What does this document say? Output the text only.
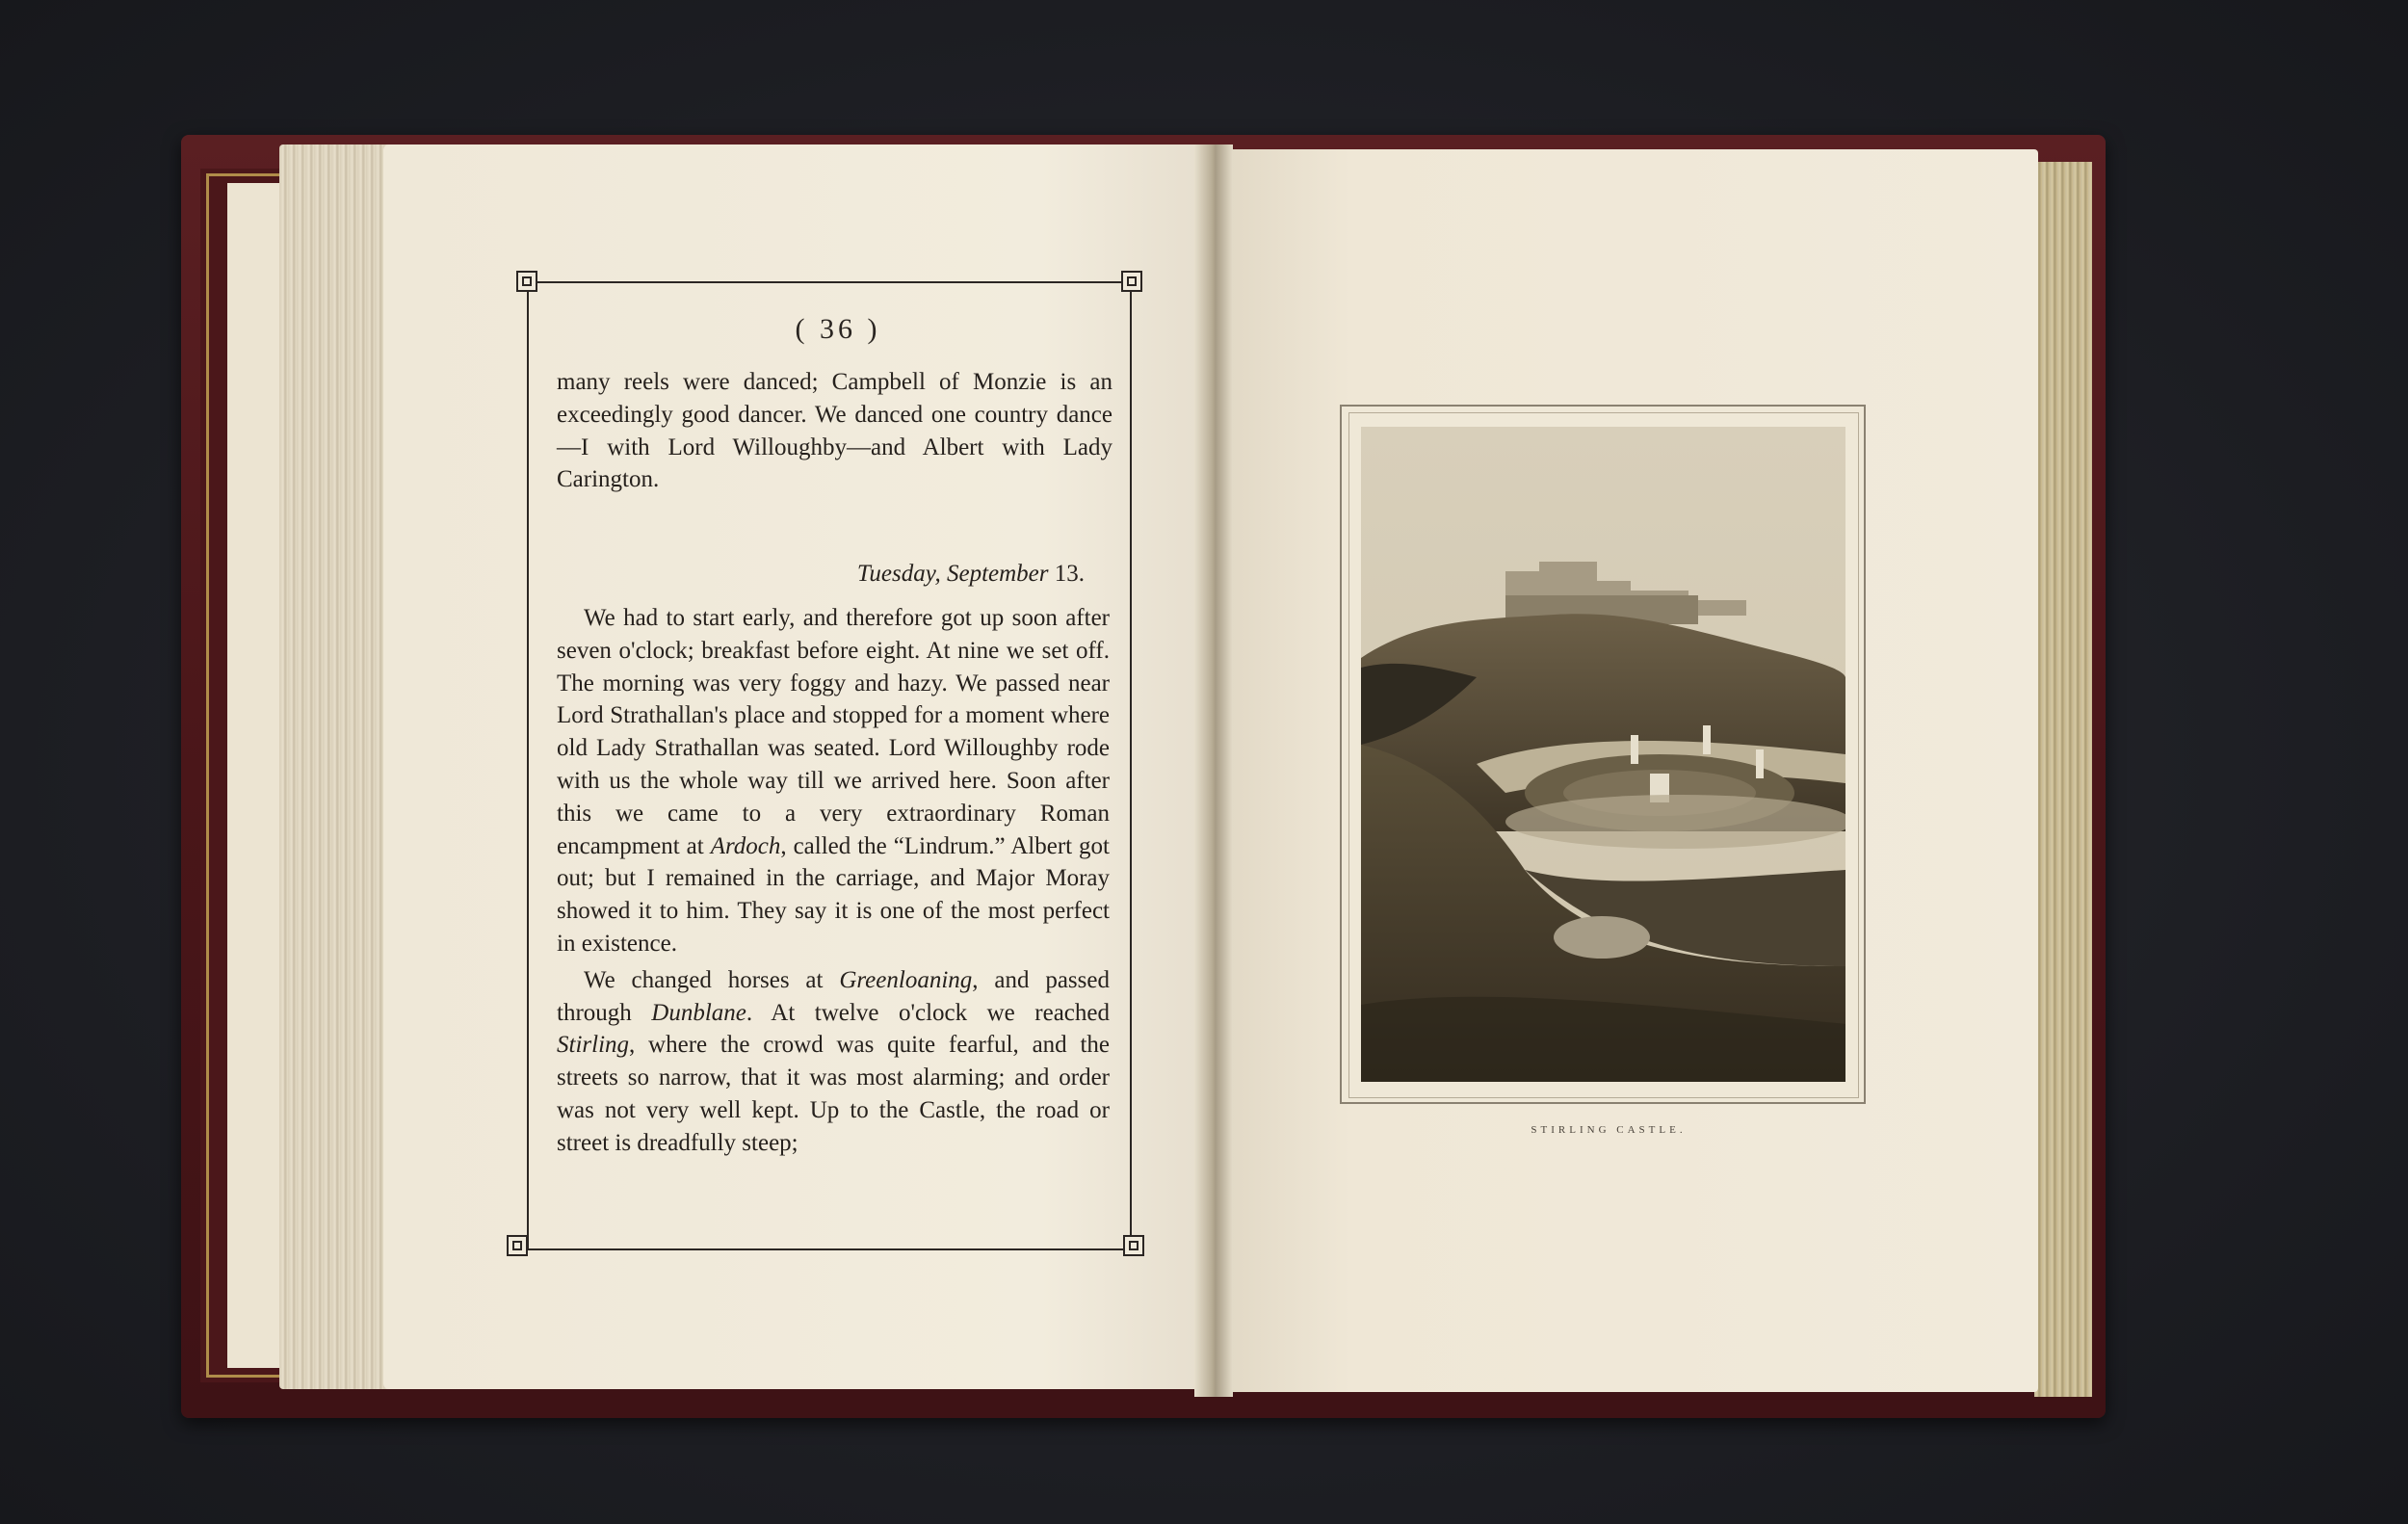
( 36 )

many reels were danced; Campbell of Monzie is an exceedingly good dancer. We danced one country dance—I with Lord Willoughby—and Albert with Lady Carington.

Tuesday, September 13.

We had to start early, and therefore got up soon after seven o'clock; breakfast before eight. At nine we set off. The morning was very foggy and hazy. We passed near Lord Strathallan's place and stopped for a moment where old Lady Strathallan was seated. Lord Willoughby rode with us the whole way till we arrived here. Soon after this we came to a very extraordinary Roman encampment at Ardoch, called the “Lindrum.” Albert got out; but I remained in the carriage, and Major Moray showed it to him. They say it is one of the most perfect in existence.

We changed horses at Greenloaning, and passed through Dunblane. At twelve o'clock we reached Stirling, where the crowd was quite fearful, and the streets so narrow, that it was most alarming; and order was not very well kept. Up to the Castle, the road or street is dreadfully steep;	STIRLING CASTLE.
